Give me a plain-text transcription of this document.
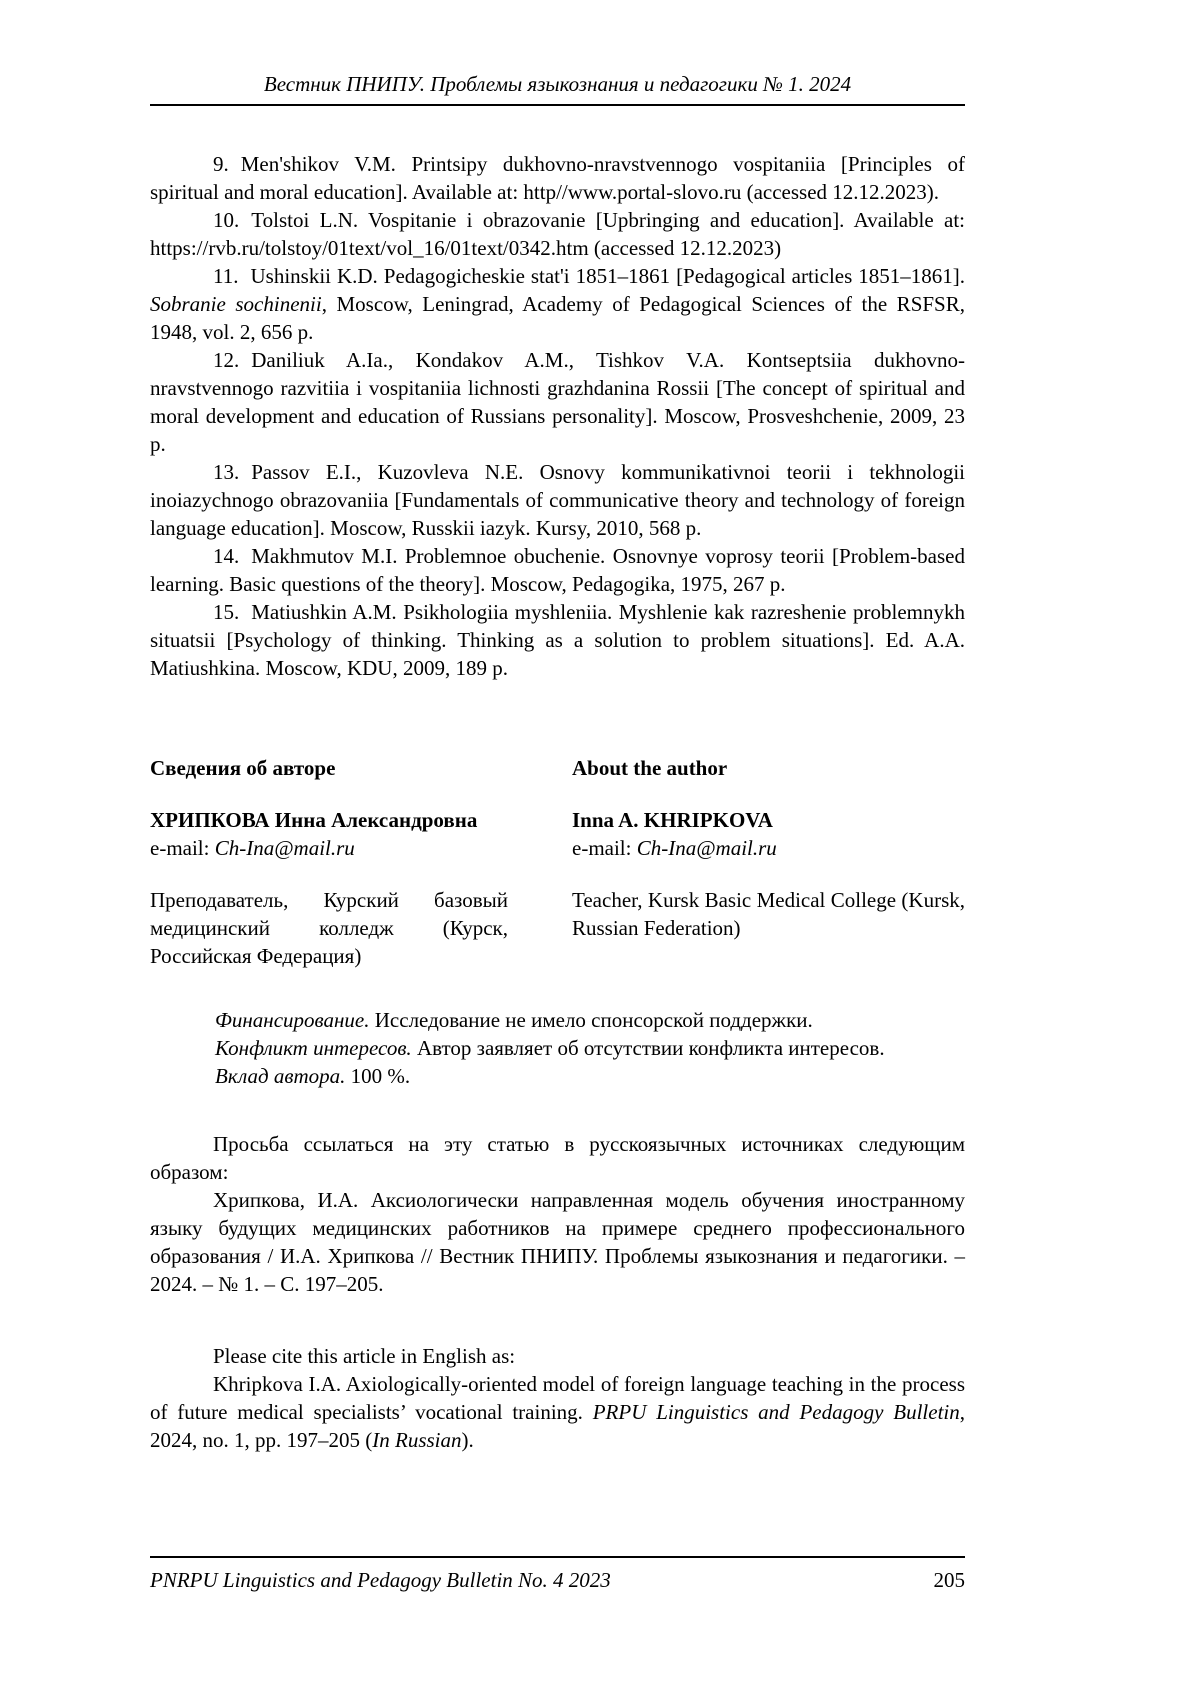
Вестник ПНИПУ. Проблемы языкознания и педагогики № 1. 2024

9. Men'shikov V.M. Printsipy dukhovno-nravstvennogo vospitaniia [Principles of spiritual and moral education]. Available at: http//www.portal-slovo.ru (accessed 12.12.2023).

10. Tolstoi L.N. Vospitanie i obrazovanie [Upbringing and education]. Available at: https://rvb.ru/tolstoy/01text/vol_16/01text/0342.htm (accessed 12.12.2023)

11. Ushinskii K.D. Pedagogicheskie stat'i 1851–1861 [Pedagogical articles 1851–1861]. Sobranie sochinenii, Moscow, Leningrad, Academy of Pedagogical Sciences of the RSFSR, 1948, vol. 2, 656 p.

12. Daniliuk A.Ia., Kondakov A.M., Tishkov V.A. Kontseptsiia dukhovno-nravstvennogo razvitiia i vospitaniia lichnosti grazhdanina Rossii [The concept of spiritual and moral development and education of Russians personality]. Moscow, Prosveshchenie, 2009, 23 p.

13. Passov E.I., Kuzovleva N.E. Osnovy kommunikativnoi teorii i tekhnologii inoiazychnogo obrazovaniia [Fundamentals of communicative theory and technology of foreign language education]. Moscow, Russkii iazyk. Kursy, 2010, 568 p.

14. Makhmutov M.I. Problemnoe obuchenie. Osnovnye voprosy teorii [Problem-based learning. Basic questions of the theory]. Moscow, Pedagogika, 1975, 267 p.

15. Matiushkin A.M. Psikhologiia myshleniia. Myshlenie kak razreshenie problemnykh situatsii [Psychology of thinking. Thinking as a solution to problem situations]. Ed. A.A. Matiushkina. Moscow, KDU, 2009, 189 p.

Сведения об авторе

ХРИПКОВА Инна Александровна

e-mail: Ch-Ina@mail.ru

Преподаватель, Курский базовый медицинский колледж (Курск, Российская Федерация)

About the author

Inna A. KHRIPKOVA

e-mail: Ch-Ina@mail.ru

Teacher, Kursk Basic Medical College (Kursk, Russian Federation)

Финансирование. Исследование не имело спонсорской поддержки.

Конфликт интересов. Автор заявляет об отсутствии конфликта интересов.

Вклад автора. 100 %.

Просьба ссылаться на эту статью в русскоязычных источниках следующим образом:

Хрипкова, И.А. Аксиологически направленная модель обучения иностранному языку будущих медицинских работников на примере среднего профессионального образования / И.А. Хрипкова // Вестник ПНИПУ. Проблемы языкознания и педагогики. – 2024. – № 1. – С. 197–205.

Please cite this article in English as:

Khripkova I.A. Axiologically-oriented model of foreign language teaching in the process of future medical specialists’ vocational training. PRPU Linguistics and Pedagogy Bulletin, 2024, no. 1, pp. 197–205 (In Russian).

PNRPU Linguistics and Pedagogy Bulletin No. 4 2023	205
